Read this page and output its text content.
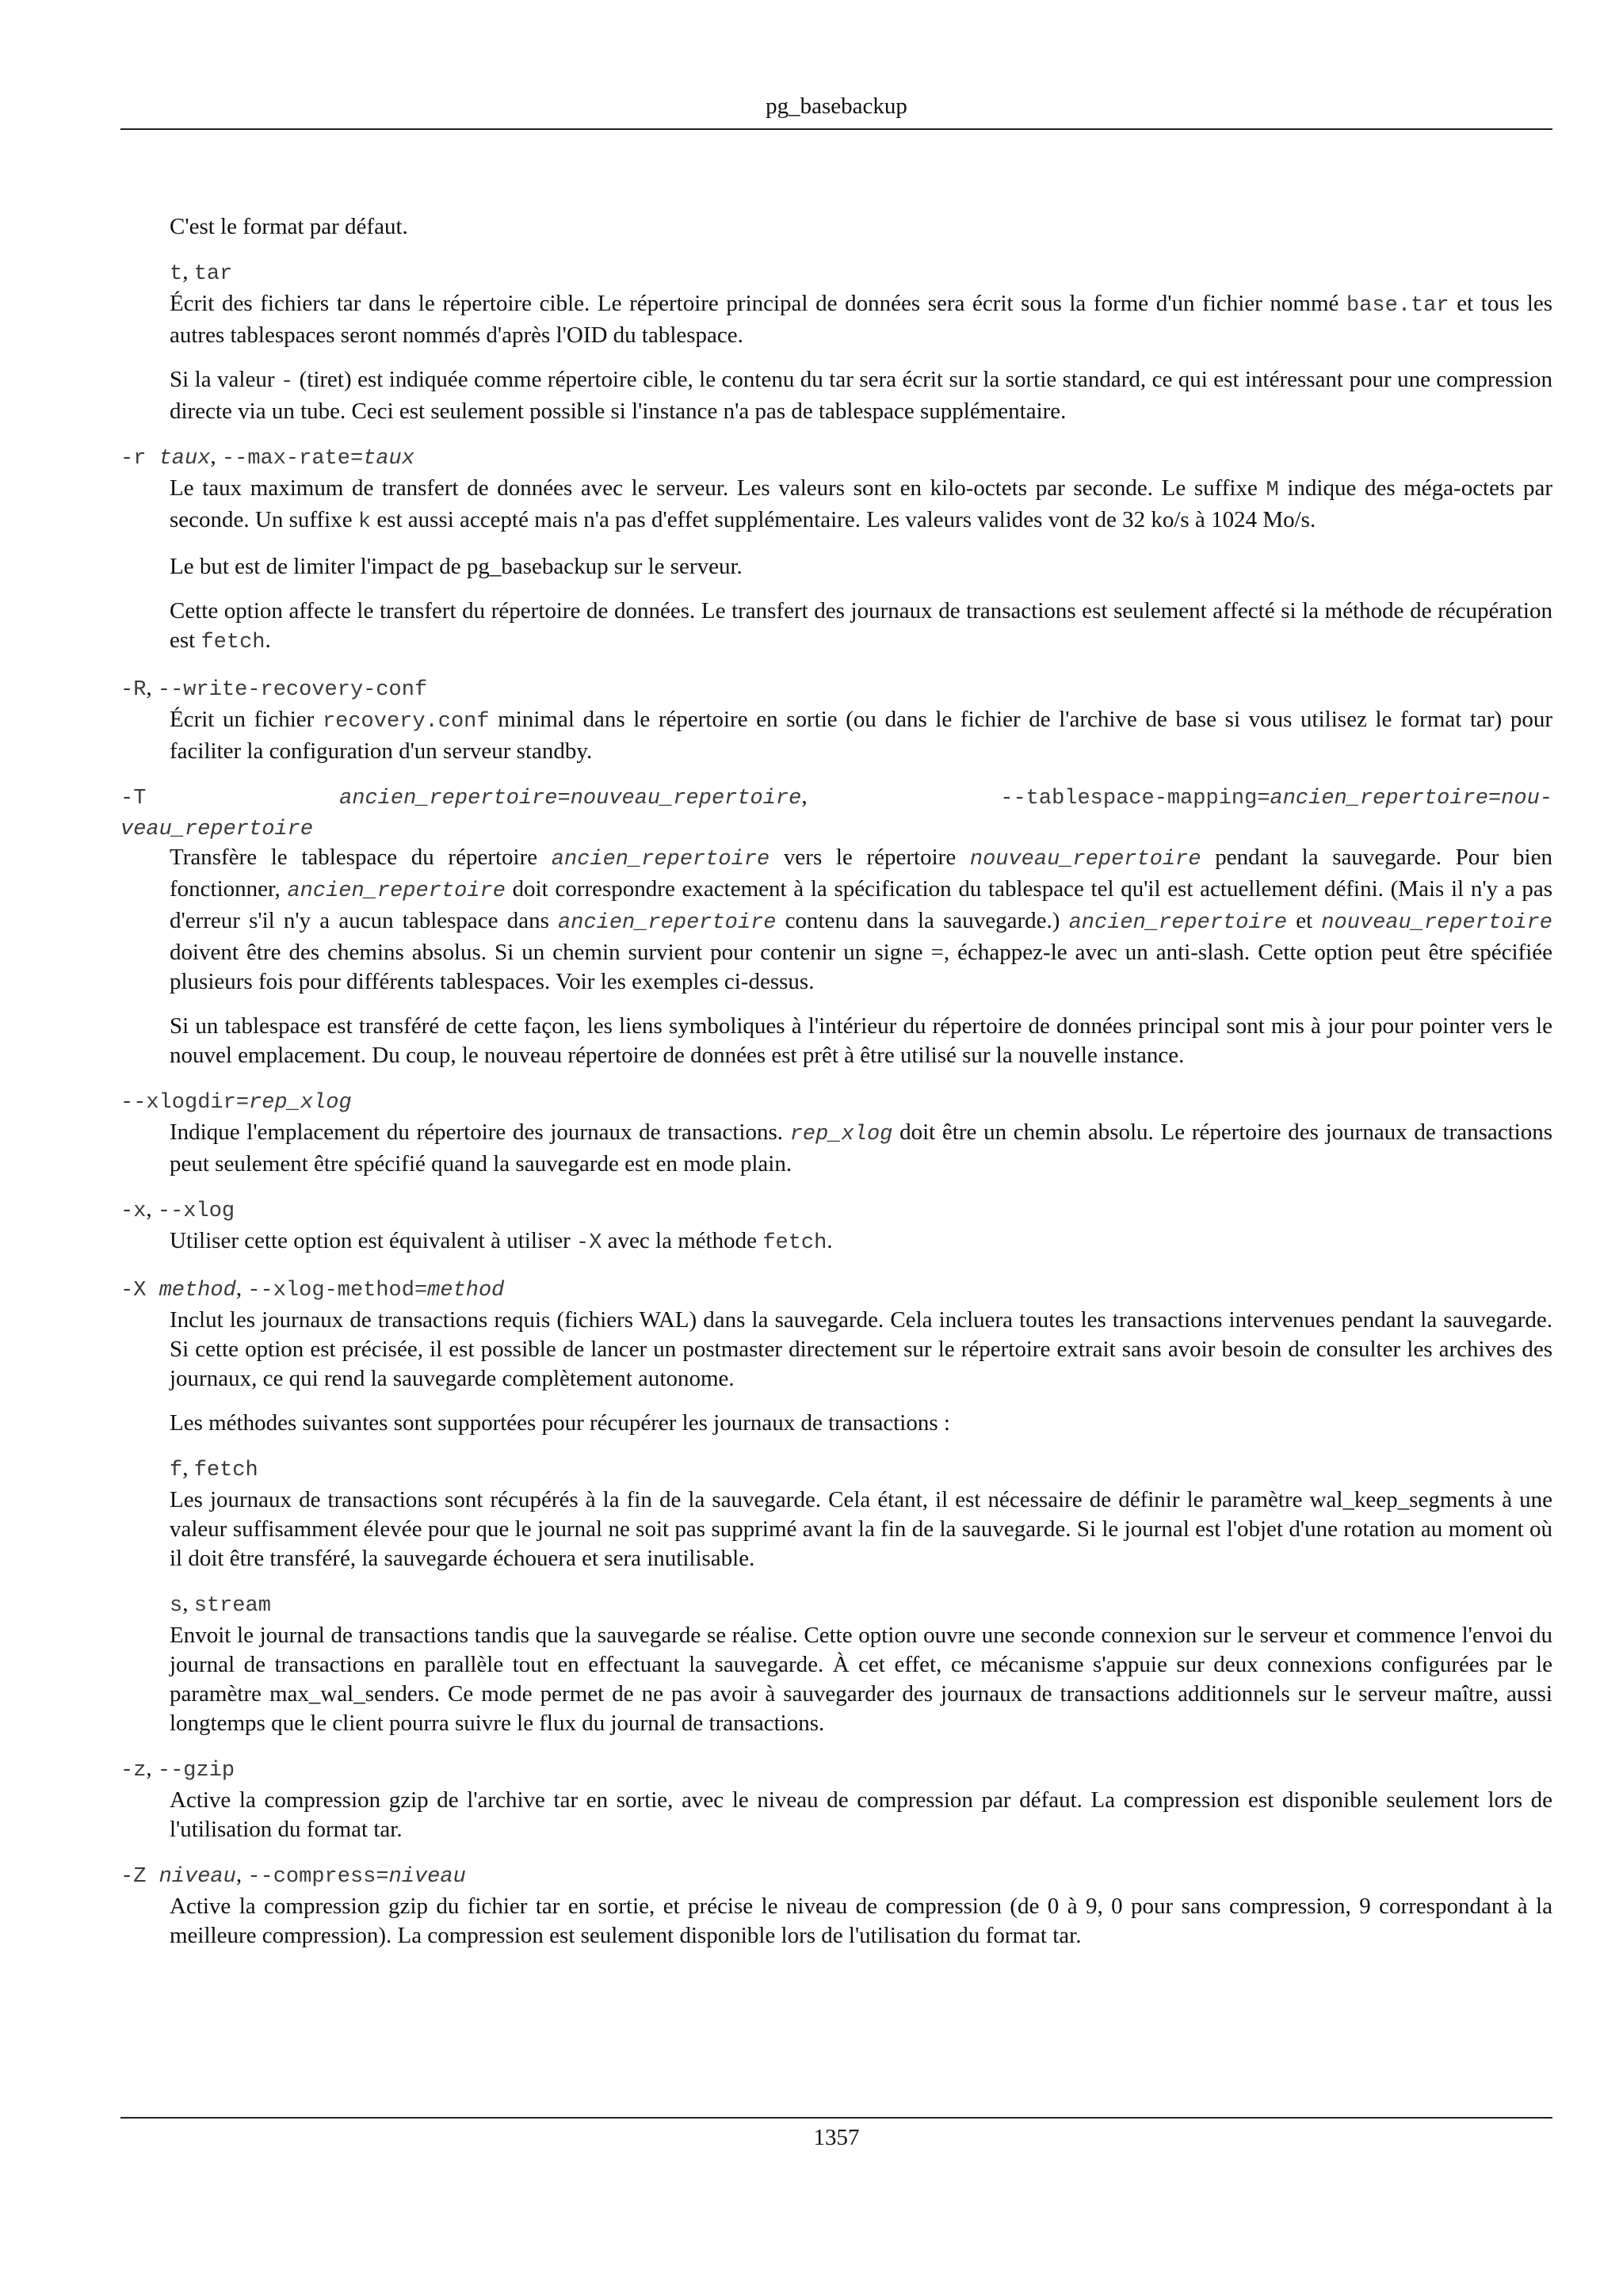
pg_basebackup

C'est le format par défaut.

t, tar

Écrit des fichiers tar dans le répertoire cible. Le répertoire principal de données sera écrit sous la forme d'un fichier nommé base.tar et tous les autres tablespaces seront nommés d'après l'OID du tablespace.

Si la valeur - (tiret) est indiquée comme répertoire cible, le contenu du tar sera écrit sur la sortie standard, ce qui est intéressant pour une compression directe via un tube. Ceci est seulement possible si l'instance n'a pas de tablespace supplémentaire.

-r taux, --max-rate=taux

Le taux maximum de transfert de données avec le serveur. Les valeurs sont en kilo-octets par seconde. Le suffixe M indique des méga-octets par seconde. Un suffixe k est aussi accepté mais n'a pas d'effet supplémentaire. Les valeurs valides vont de 32 ko/s à 1024 Mo/s.

Le but est de limiter l'impact de pg_basebackup sur le serveur.

Cette option affecte le transfert du répertoire de données. Le transfert des journaux de transactions est seulement affecté si la méthode de récupération est fetch.

-R, --write-recovery-conf

Écrit un fichier recovery.conf minimal dans le répertoire en sortie (ou dans le fichier de l'archive de base si vous utilisez le format tar) pour faciliter la configuration d'un serveur standby.

-T	ancien_repertoire=nouveau_repertoire,	--tablespace-mapping=ancien_repertoire=nou-
veau_repertoire

Transfère le tablespace du répertoire ancien_repertoire vers le répertoire nouveau_repertoire pendant la sauvegarde. Pour bien fonctionner, ancien_repertoire doit correspondre exactement à la spécification du tablespace tel qu'il est actuellement défini. (Mais il n'y a pas d'erreur s'il n'y a aucun tablespace dans ancien_repertoire contenu dans la sauvegarde.) ancien_repertoire et nouveau_repertoire doivent être des chemins absolus. Si un chemin survient pour contenir un signe =, échappez-le avec un anti-slash. Cette option peut être spécifiée plusieurs fois pour différents tablespaces. Voir les exemples ci-dessus.

Si un tablespace est transféré de cette façon, les liens symboliques à l'intérieur du répertoire de données principal sont mis à jour pour pointer vers le nouvel emplacement. Du coup, le nouveau répertoire de données est prêt à être utilisé sur la nouvelle instance.

--xlogdir=rep_xlog

Indique l'emplacement du répertoire des journaux de transactions. rep_xlog doit être un chemin absolu. Le répertoire des journaux de transactions peut seulement être spécifié quand la sauvegarde est en mode plain.

-x, --xlog

Utiliser cette option est équivalent à utiliser -X avec la méthode fetch.

-X method, --xlog-method=method

Inclut les journaux de transactions requis (fichiers WAL) dans la sauvegarde. Cela incluera toutes les transactions intervenues pendant la sauvegarde. Si cette option est précisée, il est possible de lancer un postmaster directement sur le répertoire extrait sans avoir besoin de consulter les archives des journaux, ce qui rend la sauvegarde complètement autonome.

Les méthodes suivantes sont supportées pour récupérer les journaux de transactions :

f, fetch

Les journaux de transactions sont récupérés à la fin de la sauvegarde. Cela étant, il est nécessaire de définir le paramètre wal_keep_segments à une valeur suffisamment élevée pour que le journal ne soit pas supprimé avant la fin de la sauvegarde. Si le journal est l'objet d'une rotation au moment où il doit être transféré, la sauvegarde échouera et sera inutilisable.

s, stream

Envoit le journal de transactions tandis que la sauvegarde se réalise. Cette option ouvre une seconde connexion sur le serveur et commence l'envoi du journal de transactions en parallèle tout en effectuant la sauvegarde. À cet effet, ce mécanisme s'appuie sur deux connexions configurées par le paramètre max_wal_senders. Ce mode permet de ne pas avoir à sauvegarder des journaux de transactions additionnels sur le serveur maître, aussi longtemps que le client pourra suivre le flux du journal de transactions.

-z, --gzip

Active la compression gzip de l'archive tar en sortie, avec le niveau de compression par défaut. La compression est disponible seulement lors de l'utilisation du format tar.

-Z niveau, --compress=niveau

Active la compression gzip du fichier tar en sortie, et précise le niveau de compression (de 0 à 9, 0 pour sans compression, 9 correspondant à la meilleure compression). La compression est seulement disponible lors de l'utilisation du format tar.

1357
